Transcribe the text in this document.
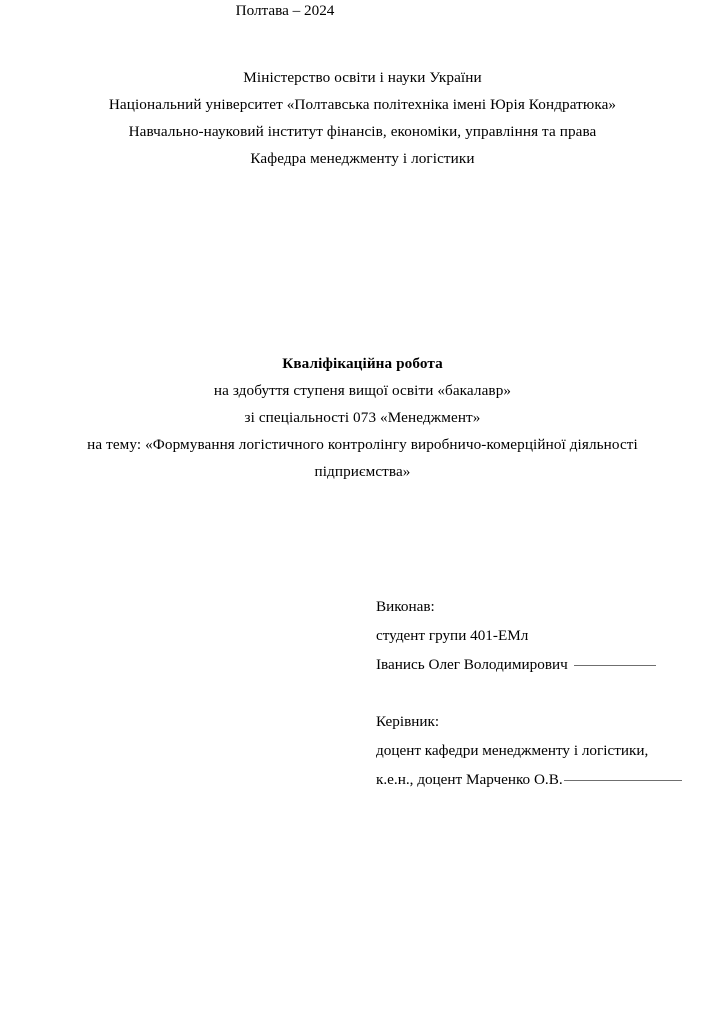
Міністерство освіти і науки України
Національний університет «Полтавська політехніка імені Юрія Кондратюка»
Навчально-науковий інститут фінансів, економіки, управління та права
Кафедра менеджменту і логістики
Кваліфікаційна робота
на здобуття ступеня вищої освіти «бакалавр»
зі спеціальності 073 «Менеджмент»
на тему: «Формування логістичного контролінгу виробничо-комерційної діяльності
підприємства»
Виконав:
студент групи 401-ЕМл
Іванись Олег Володимирович
Керівник:
доцент кафедри менеджменту і логістики,
к.е.н., доцент Марченко О.В.
Полтава – 2024
